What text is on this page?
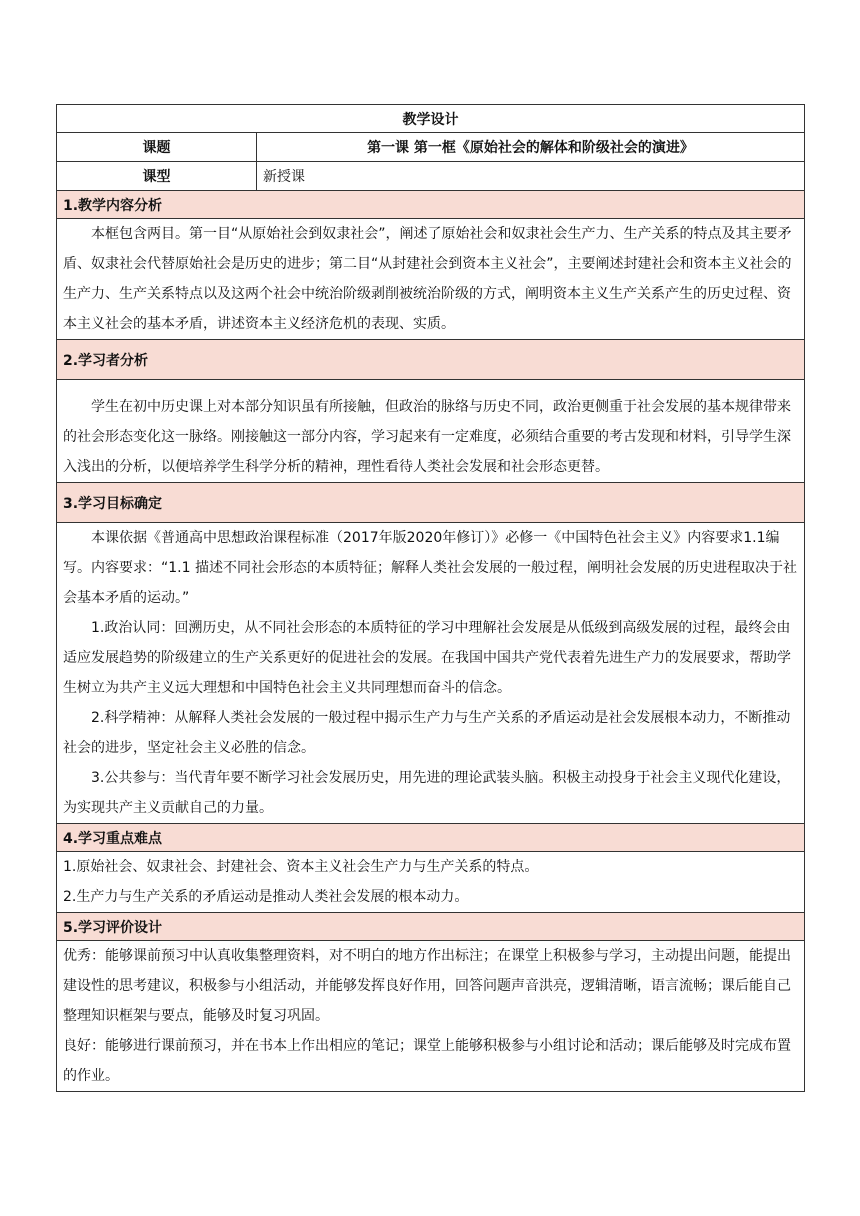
教学设计	
课题	第一课 第一框《原始社会的解体和阶级社会的演进》
课型	新授课
1.教学内容分析	

本框包含两目。第一目“从原始社会到奴隶社会”，阐述了原始社会和奴隶社会生产力、生产关系的特点及其主要矛盾、奴隶社会代替原始社会是历史的进步；第二目“从封建社会到资本主义社会”，主要阐述封建社会和资本主义社会的生产力、生产关系特点以及这两个社会中统治阶级剥削被统治阶级的方式，阐明资本主义生产关系产生的历史过程、资本主义社会的基本矛盾，讲述资本主义经济危机的表现、实质。	

2.学习者分析	

学生在初中历史课上对本部分知识虽有所接触，但政治的脉络与历史不同，政治更侧重于社会发展的基本规律带来的社会形态变化这一脉络。刚接触这一部分内容，学习起来有一定难度，必须结合重要的考古发现和材料，引导学生深入浅出的分析，以便培养学生科学分析的精神，理性看待人类社会发展和社会形态更替。	

3.学习目标确定	

本课依据《普通高中思想政治课程标准（2017年版2020年修订）》必修一《中国特色社会主义》内容要求1.1编写。内容要求：“1.1 描述不同社会形态的本质特征；解释人类社会发展的一般过程，阐明社会发展的历史进程取决于社会基本矛盾的运动。”

1.政治认同：回溯历史，从不同社会形态的本质特征的学习中理解社会发展是从低级到高级发展的过程，最终会由适应发展趋势的阶级建立的生产关系更好的促进社会的发展。在我国中国共产党代表着先进生产力的发展要求，帮助学生树立为共产主义远大理想和中国特色社会主义共同理想而奋斗的信念。

2.科学精神：从解释人类社会发展的一般过程中揭示生产力与生产关系的矛盾运动是社会发展根本动力，不断推动社会的进步，坚定社会主义必胜的信念。

3.公共参与：当代青年要不断学习社会发展历史，用先进的理论武装头脑。积极主动投身于社会主义现代化建设，为实现共产主义贡献自己的力量。	

4.学习重点难点	

1.原始社会、奴隶社会、封建社会、资本主义社会生产力与生产关系的特点。

2.生产力与生产关系的矛盾运动是推动人类社会发展的根本动力。	

5.学习评价设计	

优秀：能够课前预习中认真收集整理资料，对不明白的地方作出标注；在课堂上积极参与学习，主动提出问题，能提出建设性的思考建议，积极参与小组活动，并能够发挥良好作用，回答问题声音洪亮，逻辑清晰，语言流畅；课后能自己整理知识框架与要点，能够及时复习巩固。

良好：能够进行课前预习，并在书本上作出相应的笔记；课堂上能够积极参与小组讨论和活动；课后能够及时完成布置的作业。	
